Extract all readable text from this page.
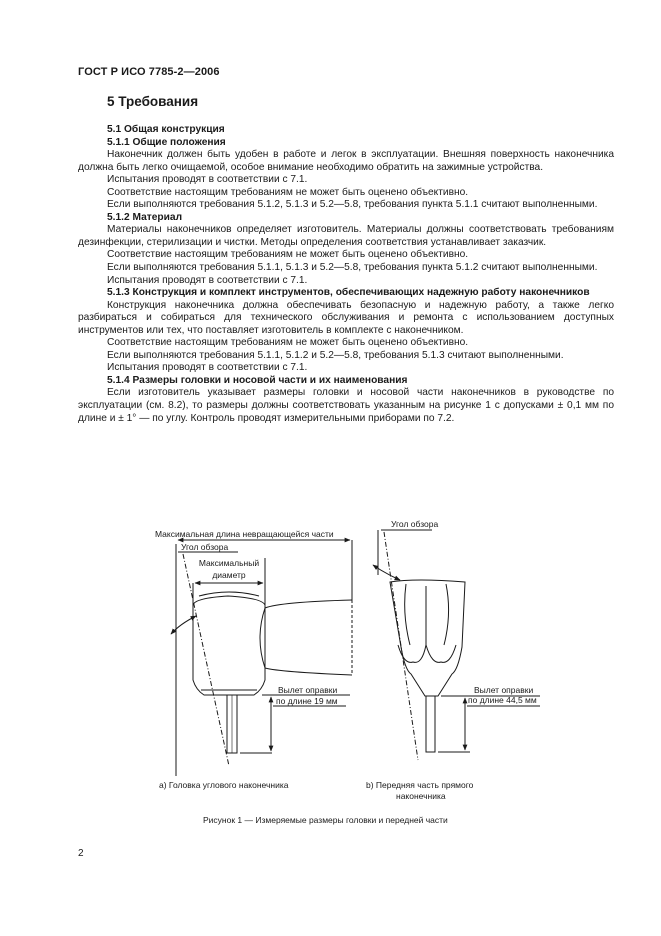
ГОСТ Р ИСО 7785-2—2006
5 Требования

5.1 Общая конструкция

5.1.1 Общие положения

Наконечник должен быть удобен в работе и легок в эксплуатации. Внешняя поверхность наконечника должна быть легко очищаемой, особое внимание необходимо обратить на зажимные устройства.

Испытания проводят в соответствии с 7.1.

Соответствие настоящим требованиям не может быть оценено объективно.

Если выполняются требования 5.1.2, 5.1.3 и 5.2—5.8, требования пункта 5.1.1 считают выполненными.

5.1.2 Материал

Материалы наконечников определяет изготовитель. Материалы должны соответствовать требованиям дезинфекции, стерилизации и чистки. Методы определения соответствия устанавливает заказчик.

Соответствие настоящим требованиям не может быть оценено объективно.

Если выполняются требования 5.1.1, 5.1.3 и 5.2—5.8, требования пункта 5.1.2 считают выполненными.

Испытания проводят в соответствии с 7.1.

5.1.3 Конструкция и комплект инструментов, обеспечивающих надежную работу наконечников

Конструкция наконечника должна обеспечивать безопасную и надежную работу, а также легко разбираться и собираться для технического обслуживания и ремонта с использованием доступных инструментов или тех, что поставляет изготовитель в комплекте с наконечником.

Соответствие настоящим требованиям не может быть оценено объективно.

Если выполняются требования 5.1.1, 5.1.2 и 5.2—5.8, требования 5.1.3 считают выполненными.

Испытания проводят в соответствии с 7.1.

5.1.4 Размеры головки и носовой части и их наименования

Если изготовитель указывает размеры головки и носовой части наконечников в руководстве по эксплуатации (см. 8.2), то размеры должны соответствовать указанным на рисунке 1 с допусками ± 0,1 мм по длине и ± 1° — по углу. Контроль проводят измерительными приборами по 7.2.

Максимальная длина невращающейся части
Угол обзора
Максимальный
диаметр
Вылет оправки
по длине 19 мм
a) Головка углового наконечника
Угол обзора
Вылет оправки
по длине 44,5 мм
b) Передняя часть прямого
наконечника
Рисунок 1 — Измеряемые размеры головки и передней части
2
